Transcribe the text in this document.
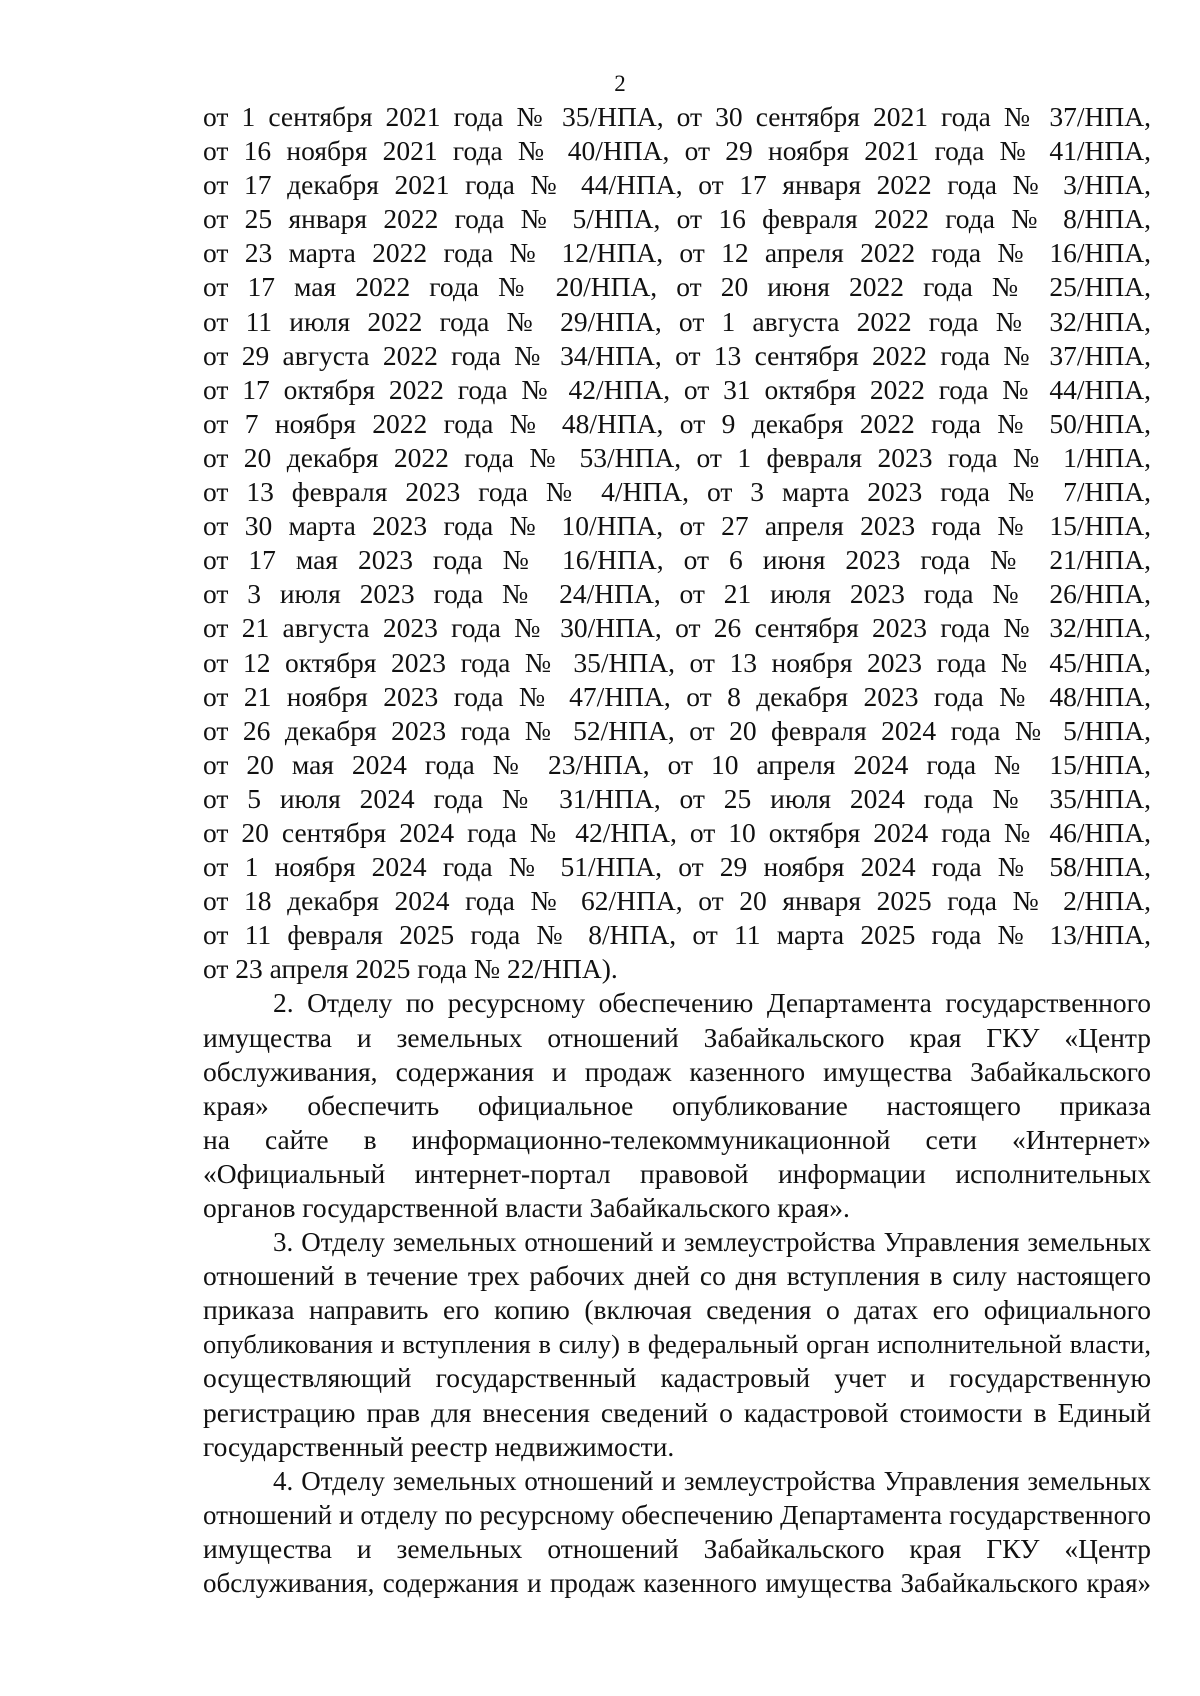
2
от 1 сентября 2021 года № 35/НПА, от 30 сентября 2021 года № 37/НПА,
от 16 ноября 2021 года № 40/НПА, от 29 ноября 2021 года № 41/НПА,
от 17 декабря 2021 года № 44/НПА, от 17 января 2022 года № 3/НПА,
от 25 января 2022 года № 5/НПА, от 16 февраля 2022 года № 8/НПА,
от 23 марта 2022 года № 12/НПА, от 12 апреля 2022 года № 16/НПА,
от 17 мая 2022 года № 20/НПА, от 20 июня 2022 года № 25/НПА,
от 11 июля 2022 года № 29/НПА, от 1 августа 2022 года № 32/НПА,
от 29 августа 2022 года № 34/НПА, от 13 сентября 2022 года № 37/НПА,
от 17 октября 2022 года № 42/НПА, от 31 октября 2022 года № 44/НПА,
от 7 ноября 2022 года № 48/НПА, от 9 декабря 2022 года № 50/НПА,
от 20 декабря 2022 года № 53/НПА, от 1 февраля 2023 года № 1/НПА,
от 13 февраля 2023 года № 4/НПА, от 3 марта 2023 года № 7/НПА,
от 30 марта 2023 года № 10/НПА, от 27 апреля 2023 года № 15/НПА,
от 17 мая 2023 года № 16/НПА, от 6 июня 2023 года № 21/НПА,
от 3 июля 2023 года № 24/НПА, от 21 июля 2023 года № 26/НПА,
от 21 августа 2023 года № 30/НПА, от 26 сентября 2023 года № 32/НПА,
от 12 октября 2023 года № 35/НПА, от 13 ноября 2023 года № 45/НПА,
от 21 ноября 2023 года № 47/НПА, от 8 декабря 2023 года № 48/НПА,
от 26 декабря 2023 года № 52/НПА, от 20 февраля 2024 года № 5/НПА,
от 20 мая 2024 года № 23/НПА, от 10 апреля 2024 года № 15/НПА,
от 5 июля 2024 года № 31/НПА, от 25 июля 2024 года № 35/НПА,
от 20 сентября 2024 года № 42/НПА, от 10 октября 2024 года № 46/НПА,
от 1 ноября 2024 года № 51/НПА, от 29 ноября 2024 года № 58/НПА,
от 18 декабря 2024 года № 62/НПА, от 20 января 2025 года № 2/НПА,
от 11 февраля 2025 года № 8/НПА, от 11 марта 2025 года № 13/НПА,
от 23 апреля 2025 года № 22/НПА).
2. Отделу по ресурсному обеспечению Департамента государственного
имущества и земельных отношений Забайкальского края ГКУ «Центр
обслуживания, содержания и продаж казенного имущества Забайкальского
края» обеспечить официальное опубликование настоящего приказа
на сайте в информационно-телекоммуникационной сети «Интернет»
«Официальный интернет-портал правовой информации исполнительных
органов государственной власти Забайкальского края».
3. Отделу земельных отношений и землеустройства Управления земельных
отношений в течение трех рабочих дней со дня вступления в силу настоящего
приказа направить его копию (включая сведения о датах его официального
опубликования и вступления в силу) в федеральный орган исполнительной власти,
осуществляющий государственный кадастровый учет и государственную
регистрацию прав для внесения сведений о кадастровой стоимости в Единый
государственный реестр недвижимости.
4. Отделу земельных отношений и землеустройства Управления земельных
отношений и отделу по ресурсному обеспечению Департамента государственного
имущества и земельных отношений Забайкальского края ГКУ «Центр
обслуживания, содержания и продаж казенного имущества Забайкальского края»
